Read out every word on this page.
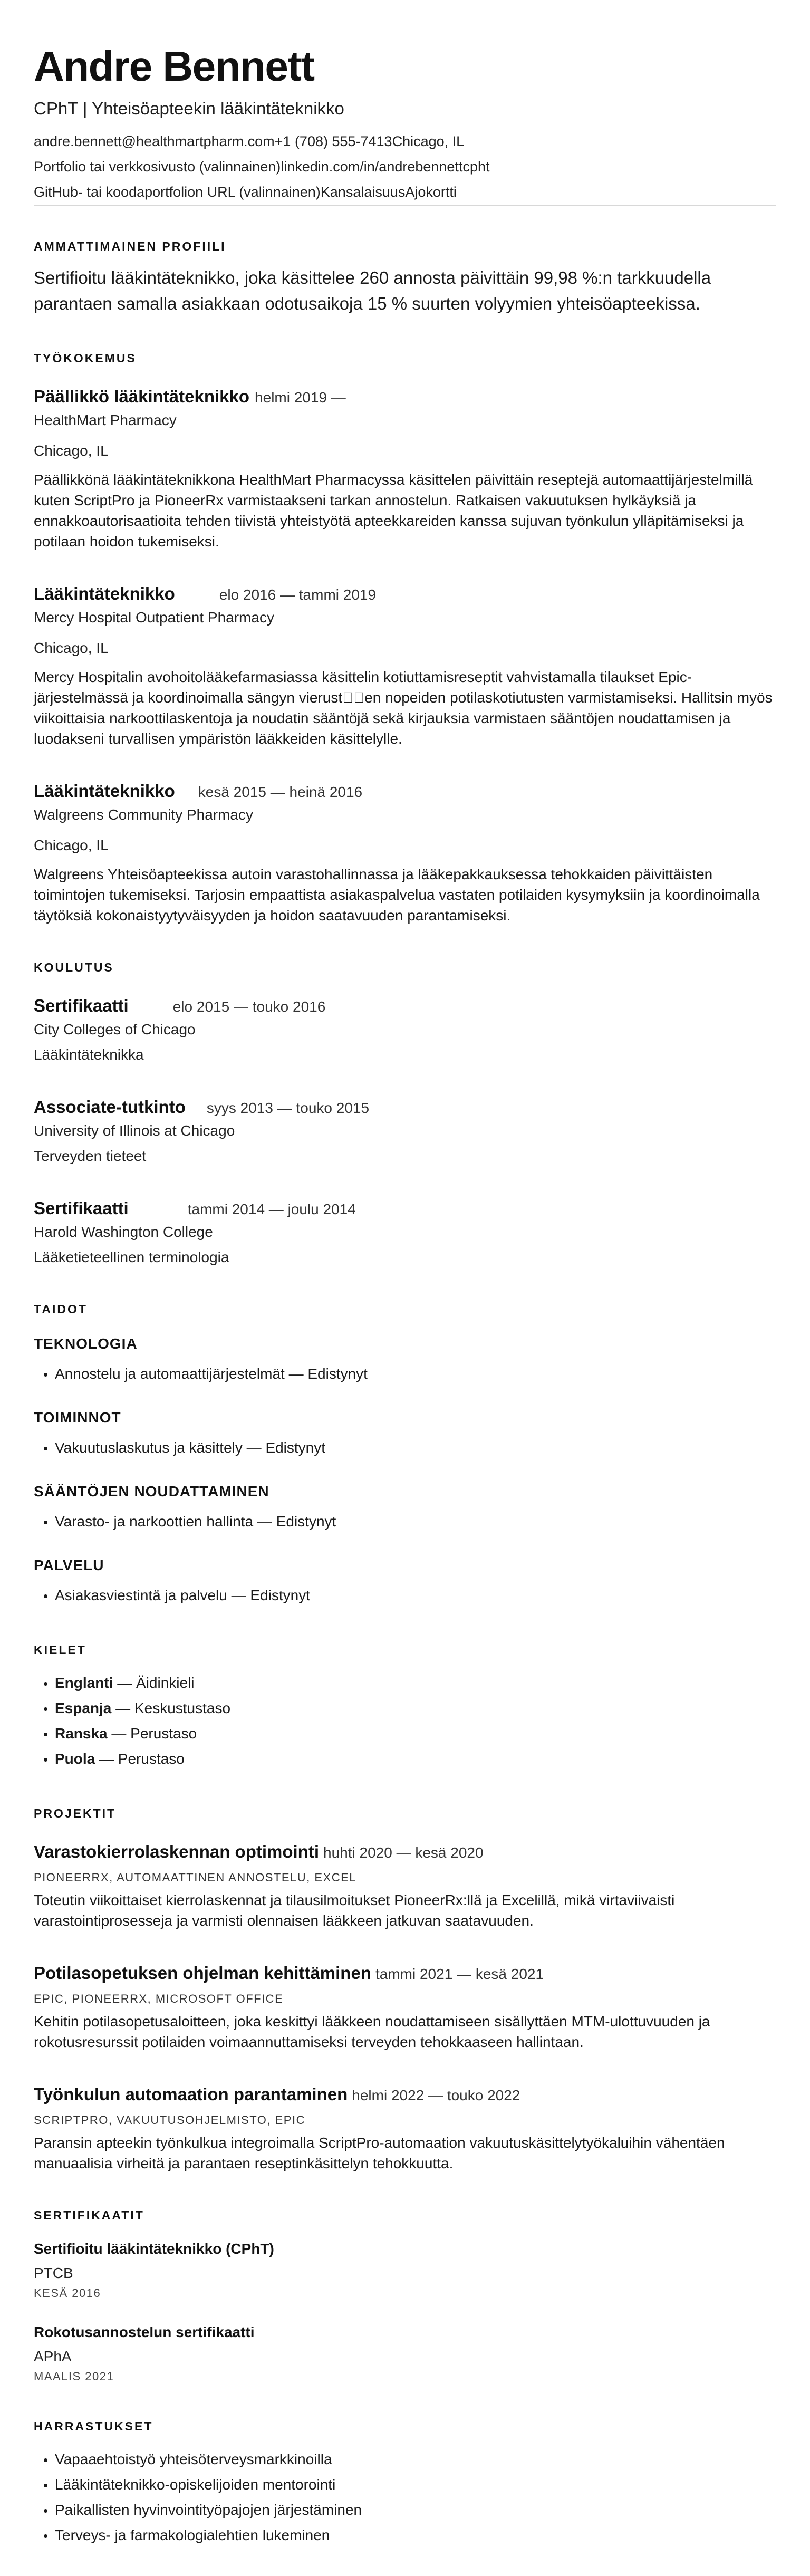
Andre Bennett
CPhT | Yhteisöapteekin lääkintäteknikko
andre.bennett@healthmartpharm.com+1 (708) 555-7413Chicago, IL
Portfolio tai verkkosivusto (valinnainen)linkedin.com/in/andrebennettcpht
GitHub- tai koodaportfolion URL (valinnainen)KansalaisuusAjokortti
AMMATTIMAINEN PROFIILI
Sertifioitu lääkintäteknikko, joka käsittelee 260 annosta päivittäin 99,98 %:n tarkkuudella parantaen samalla asiakkaan odotusaikoja 15 % suurten volyymien yhteisöapteekissa.
TYÖKOKEMUS
Päällikkö lääkintäteknikko helmi 2019 —
HealthMart Pharmacy
Chicago, IL
Päällikkönä lääkintäteknikkona HealthMart Pharmacyssa käsittelen päivittäin reseptejä automaattijärjestelmillä kuten ScriptPro ja PioneerRx varmistaakseni tarkan annostelun. Ratkaisen vakuutuksen hylkäyksiä ja ennakkoautorisaatioita tehden tiivistä yhteistyötä apteekkareiden kanssa sujuvan työnkulun ylläpitämiseksi ja potilaan hoidon tukemiseksi.
Lääkintäteknikko	elo 2016 — tammi 2019
Mercy Hospital Outpatient Pharmacy
Chicago, IL
Mercy Hospitalin avohoitolääkefarmasiassa käsittelin kotiuttamisreseptit vahvistamalla tilaukset Epic-järjestelmässä ja koordinoimalla sängyn vierust  en nopeiden potilaskotiutusten varmistamiseksi. Hallitsin myös viikoittaisia narkoottilaskentoja ja noudatin sääntöjä sekä kirjauksia varmistaen sääntöjen noudattamisen ja luodakseni turvallisen ympäristön lääkkeiden käsittelylle.
Lääkintäteknikko kesä 2015 — heinä 2016
Walgreens Community Pharmacy
Chicago, IL
Walgreens Yhteisöapteekissa autoin varastohallinnassa ja lääkepakkauksessa tehokkaiden päivittäisten toimintojen tukemiseksi. Tarjosin empaattista asiakaspalvelua vastaten potilaiden kysymyksiin ja koordinoimalla täytöksiä kokonaistyytyväisyyden ja hoidon saatavuuden parantamiseksi.
KOULUTUS
Sertifikaatti	elo 2015 — touko 2016
City Colleges of Chicago
Lääkintäteknikka
Associate-tutkinto syys 2013 — touko 2015
University of Illinois at Chicago
Terveyden tieteet
Sertifikaatti	tammi 2014 — joulu 2014
Harold Washington College
Lääketieteellinen terminologia
TAIDOT
TEKNOLOGIA
• Annostelu ja automaattijärjestelmät — Edistynyt
TOIMINNOT
• Vakuutuslaskutus ja käsittely — Edistynyt
SÄÄNTÖJEN NOUDATTAMINEN
• Varasto- ja narkoottien hallinta — Edistynyt
PALVELU
• Asiakasviestintä ja palvelu — Edistynyt
KIELET
• Englanti — Äidinkieli
• Espanja — Keskustustaso
• Ranska — Perustaso
• Puola — Perustaso
PROJEKTIT
Varastokierrolaskennan optimointi huhti 2020 — kesä 2020
PIONEERRX, AUTOMAATTINEN ANNOSTELU, EXCEL
Toteutin viikoittaiset kierrolaskennat ja tilausilmoitukset PioneerRx:llä ja Excelillä, mikä virtaviivaisti varastointiprosesseja ja varmisti olennaisen lääkkeen jatkuvan saatavuuden.
Potilasopetuksen ohjelman kehittäminen tammi 2021 — kesä 2021
EPIC, PIONEERRX, MICROSOFT OFFICE
Kehitin potilasopetusaloitteen, joka keskittyi lääkkeen noudattamiseen sisällyttäen MTM-ulottuvuuden ja rokotusresurssit potilaiden voimaannuttamiseksi terveyden tehokkaaseen hallintaan.
Työnkulun automaation parantaminen helmi 2022 — touko 2022
SCRIPTPRO, VAKUUTUSOHJELMISTO, EPIC
Paransin apteekin työnkulkua integroimalla ScriptPro-automaation vakuutuskäsittelytyökaluihin vähentäen manuaalisia virheitä ja parantaen reseptinkäsittelyn tehokkuutta.
SERTIFIKAATIT
Sertifioitu lääkintäteknikko (CPhT)
PTCB
KESÄ 2016
Rokotusannostelun sertifikaatti
APhA
MAALIS 2021
HARRASTUKSET
• Vapaaehtoistyö yhteisöterveysmarkkinoilla
• Lääkintäteknikko-opiskelijoiden mentorointi
• Paikallisten hyvinvointityöpajojen järjestäminen
• Terveys- ja farmakologialehtien lukeminen
